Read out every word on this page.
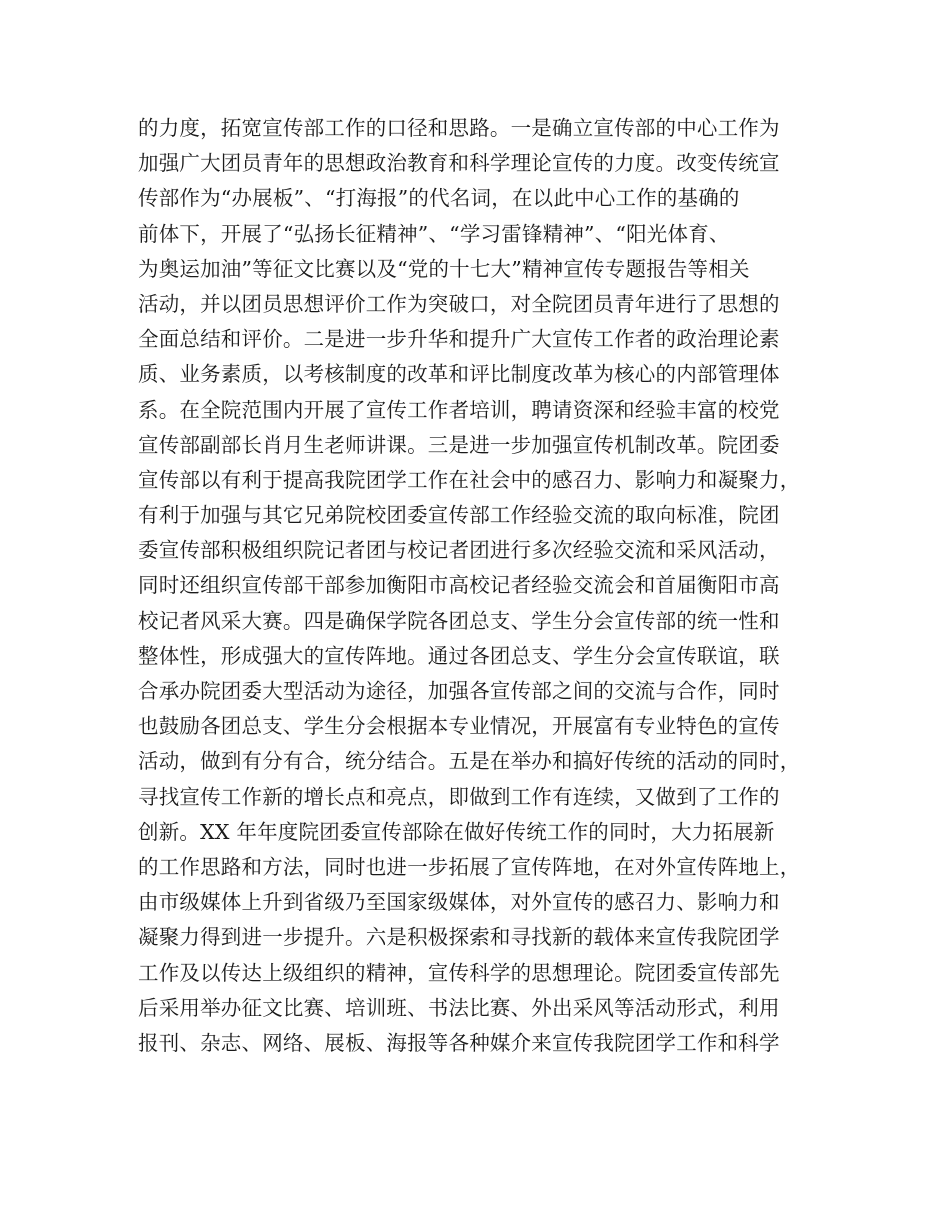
的力度，拓宽宣传部工作的口径和思路。一是确立宣传部的中心工作为
加强广大团员青年的思想政治教育和科学理论宣传的力度。改变传统宣
传部作为“办展板”、“打海报”的代名词，在以此中心工作的基确的
前体下，开展了“弘扬长征精神”、“学习雷锋精神”、“阳光体育、
为奥运加油”等征文比赛以及“党的十七大”精神宣传专题报告等相关
活动，并以团员思想评价工作为突破口，对全院团员青年进行了思想的
全面总结和评价。二是进一步升华和提升广大宣传工作者的政治理论素
质、业务素质，以考核制度的改革和评比制度改革为核心的内部管理体
系。在全院范围内开展了宣传工作者培训，聘请资深和经验丰富的校党
宣传部副部长肖月生老师讲课。三是进一步加强宣传机制改革。院团委
宣传部以有利于提高我院团学工作在社会中的感召力、影响力和凝聚力，
有利于加强与其它兄弟院校团委宣传部工作经验交流的取向标准，院团
委宣传部积极组织院记者团与校记者团进行多次经验交流和采风活动，
同时还组织宣传部干部参加衡阳市高校记者经验交流会和首届衡阳市高
校记者风采大赛。四是确保学院各团总支、学生分会宣传部的统一性和
整体性，形成强大的宣传阵地。通过各团总支、学生分会宣传联谊，联
合承办院团委大型活动为途径，加强各宣传部之间的交流与合作，同时
也鼓励各团总支、学生分会根据本专业情况，开展富有专业特色的宣传
活动，做到有分有合，统分结合。五是在举办和搞好传统的活动的同时，
寻找宣传工作新的增长点和亮点，即做到工作有连续，又做到了工作的
创新。XX 年年度院团委宣传部除在做好传统工作的同时，大力拓展新
的工作思路和方法，同时也进一步拓展了宣传阵地，在对外宣传阵地上，
由市级媒体上升到省级乃至国家级媒体，对外宣传的感召力、影响力和
凝聚力得到进一步提升。六是积极探索和寻找新的载体来宣传我院团学
工作及以传达上级组织的精神，宣传科学的思想理论。院团委宣传部先
后采用举办征文比赛、培训班、书法比赛、外出采风等活动形式，利用
报刊、杂志、网络、展板、海报等各种媒介来宣传我院团学工作和科学
